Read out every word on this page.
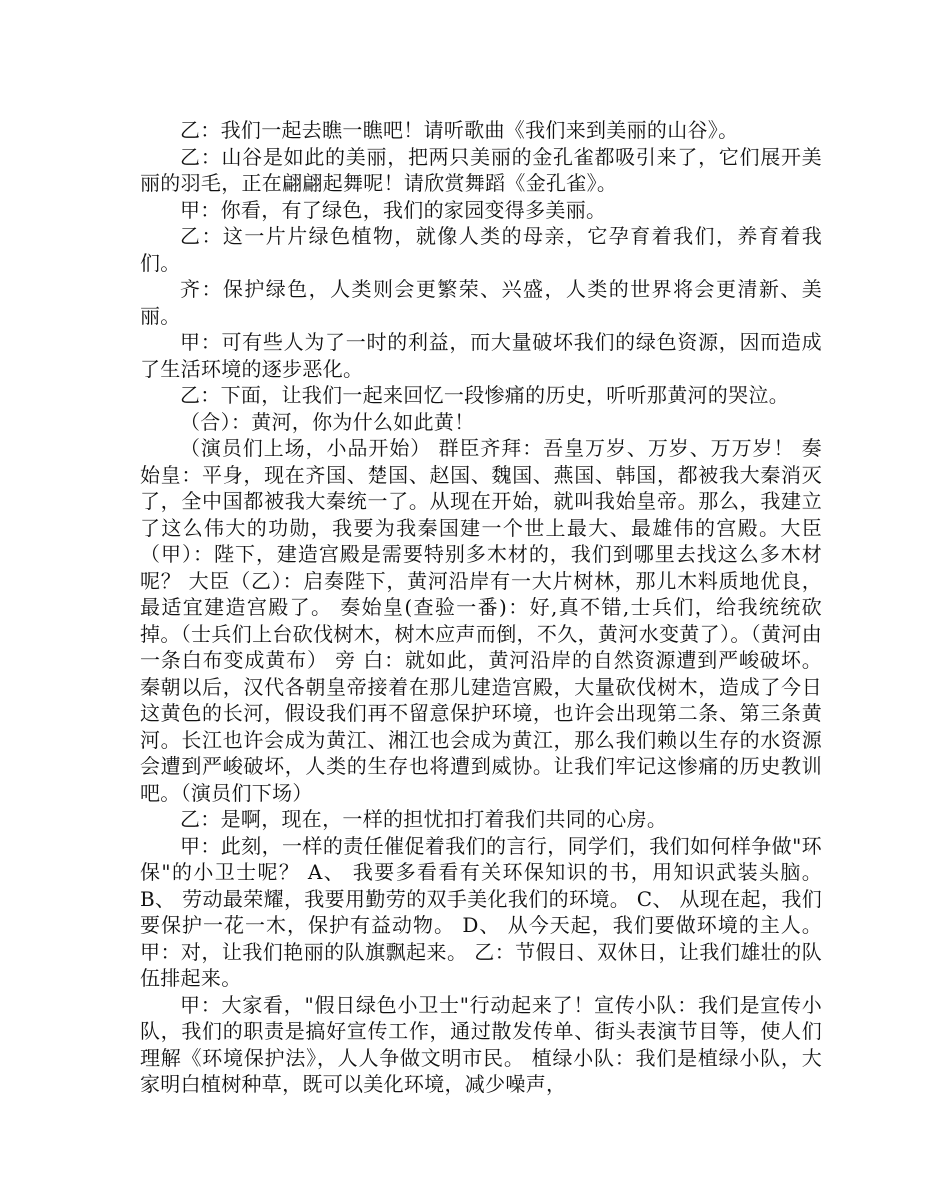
乙：我们一起去瞧一瞧吧！请听歌曲《我们来到美丽的山谷》。

乙：山谷是如此的美丽，把两只美丽的金孔雀都吸引来了，它们展开美丽的羽毛，正在翩翩起舞呢！请欣赏舞蹈《金孔雀》。

甲：你看，有了绿色，我们的家园变得多美丽。

乙：这一片片绿色植物，就像人类的母亲，它孕育着我们，养育着我们。

齐：保护绿色，人类则会更繁荣、兴盛，人类的世界将会更清新、美丽。

甲：可有些人为了一时的利益，而大量破坏我们的绿色资源，因而造成了生活环境的逐步恶化。

乙：下面，让我们一起来回忆一段惨痛的历史，听听那黄河的哭泣。

（合）：黄河，你为什么如此黄！

（演员们上场，小品开始） 群臣齐拜：吾皇万岁、万岁、万万岁！ 奏始皇：平身，现在齐国、楚国、赵国、魏国、燕国、韩国，都被我大秦消灭了，全中国都被我大秦统一了。从现在开始，就叫我始皇帝。那么，我建立了这么伟大的功勋，我要为我秦国建一个世上最大、最雄伟的宫殿。大臣（甲）：陛下，建造宫殿是需要特别多木材的，我们到哪里去找这么多木材呢？ 大臣（乙）：启奏陛下，黄河沿岸有一大片树林，那儿木料质地优良，最适宜建造宫殿了。 奏始皇(查验一番)：好,真不错,士兵们，给我统统砍掉。（士兵们上台砍伐树木，树木应声而倒，不久，黄河水变黄了）。（黄河由一条白布变成黄布） 旁 白：就如此，黄河沿岸的自然资源遭到严峻破坏。秦朝以后，汉代各朝皇帝接着在那儿建造宫殿，大量砍伐树木，造成了今日这黄色的长河，假设我们再不留意保护环境，也许会出现第二条、第三条黄河。长江也许会成为黄江、湘江也会成为黄江，那么我们赖以生存的水资源会遭到严峻破坏，人类的生存也将遭到威协。让我们牢记这惨痛的历史教训吧。（演员们下场）

乙：是啊，现在，一样的担忧扣打着我们共同的心房。

甲：此刻，一样的责任催促着我们的言行，同学们，我们如何样争做"环保"的小卫士呢？ A、 我要多看看有关环保知识的书，用知识武装头脑。 B、 劳动最荣耀，我要用勤劳的双手美化我们的环境。 C、 从现在起，我们要保护一花一木，保护有益动物。 D、 从今天起，我们要做环境的主人。 甲：对，让我们艳丽的队旗飘起来。 乙：节假日、双休日，让我们雄壮的队伍排起来。

甲：大家看，"假日绿色小卫士"行动起来了！宣传小队：我们是宣传小队，我们的职责是搞好宣传工作，通过散发传单、街头表演节目等，使人们理解《环境保护法》，人人争做文明市民。 植绿小队：我们是植绿小队，大家明白植树种草，既可以美化环境，减少噪声，
